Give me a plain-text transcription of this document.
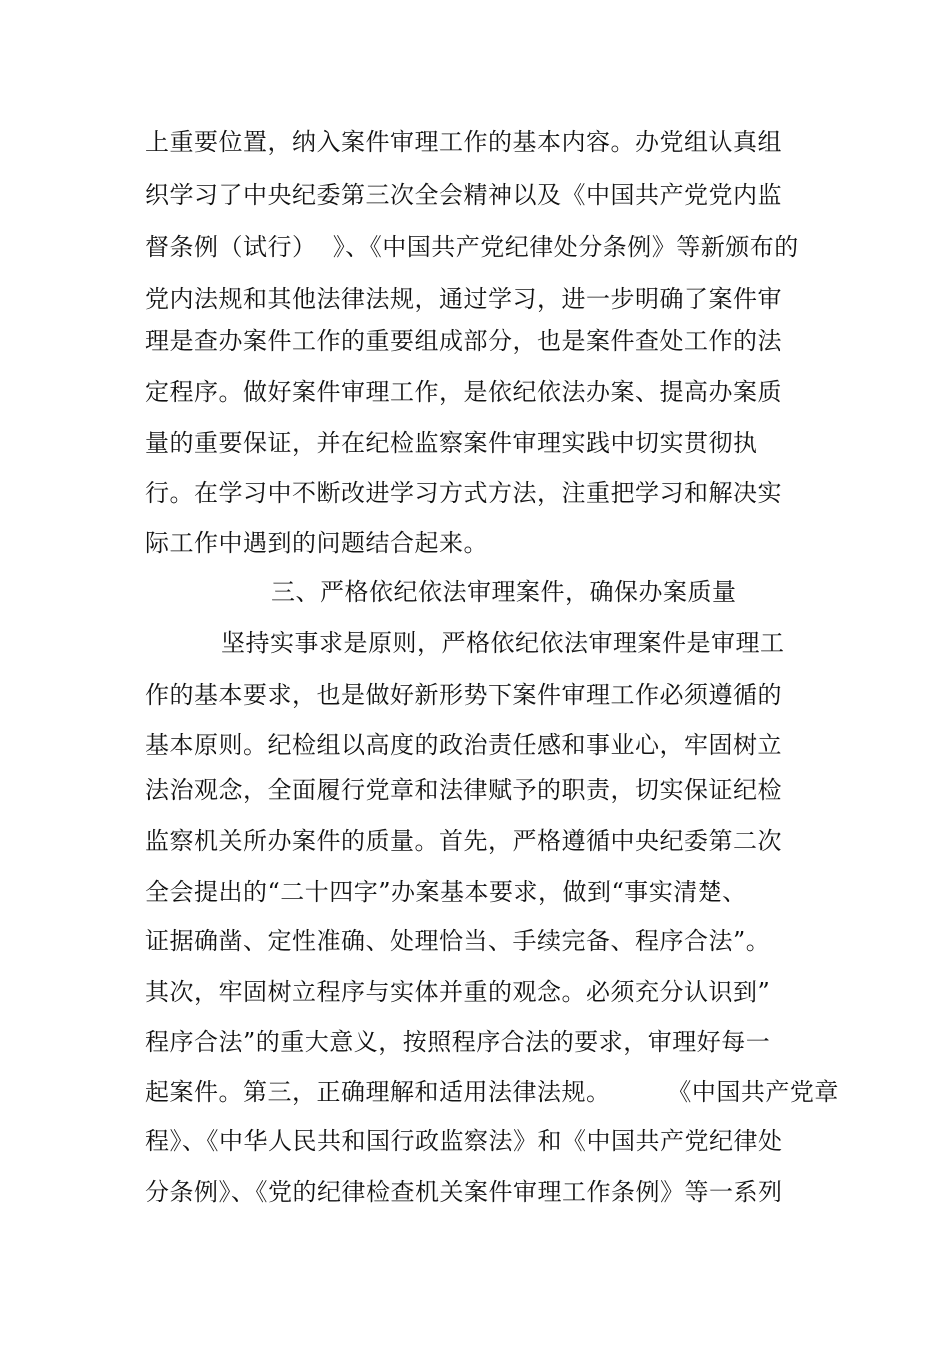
上重要位置，纳入案件审理工作的基本内容。办党组认真组
织学习了中央纪委第三次全会精神以及《中国共产党党内监
督条例（试行）  》、《中国共产党纪律处分条例》等新颁布的
党内法规和其他法律法规，通过学习，进一步明确了案件审
理是查办案件工作的重要组成部分，也是案件查处工作的法
定程序。做好案件审理工作，是依纪依法办案、提高办案质
量的重要保证，并在纪检监察案件审理实践中切实贯彻执
行。在学习中不断改进学习方式方法，注重把学习和解决实
际工作中遇到的问题结合起来。
三、严格依纪依法审理案件，确保办案质量
坚持实事求是原则，严格依纪依法审理案件是审理工
作的基本要求，也是做好新形势下案件审理工作必须遵循的
基本原则。纪检组以高度的政治责任感和事业心，牢固树立
法治观念，全面履行党章和法律赋予的职责，切实保证纪检
监察机关所办案件的质量。首先，严格遵循中央纪委第二次
全会提出的“二十四字”办案基本要求，做到“事实清楚、
证据确凿、定性准确、处理恰当、手续完备、程序合法”。
其次，牢固树立程序与实体并重的观念。必须充分认识到”
程序合法”的重大意义，按照程序合法的要求，审理好每一
起案件。第三，正确理解和适用法律法规。       《中国共产党章
程》、《中华人民共和国行政监察法》和《中国共产党纪律处
分条例》、《党的纪律检查机关案件审理工作条例》等一系列
